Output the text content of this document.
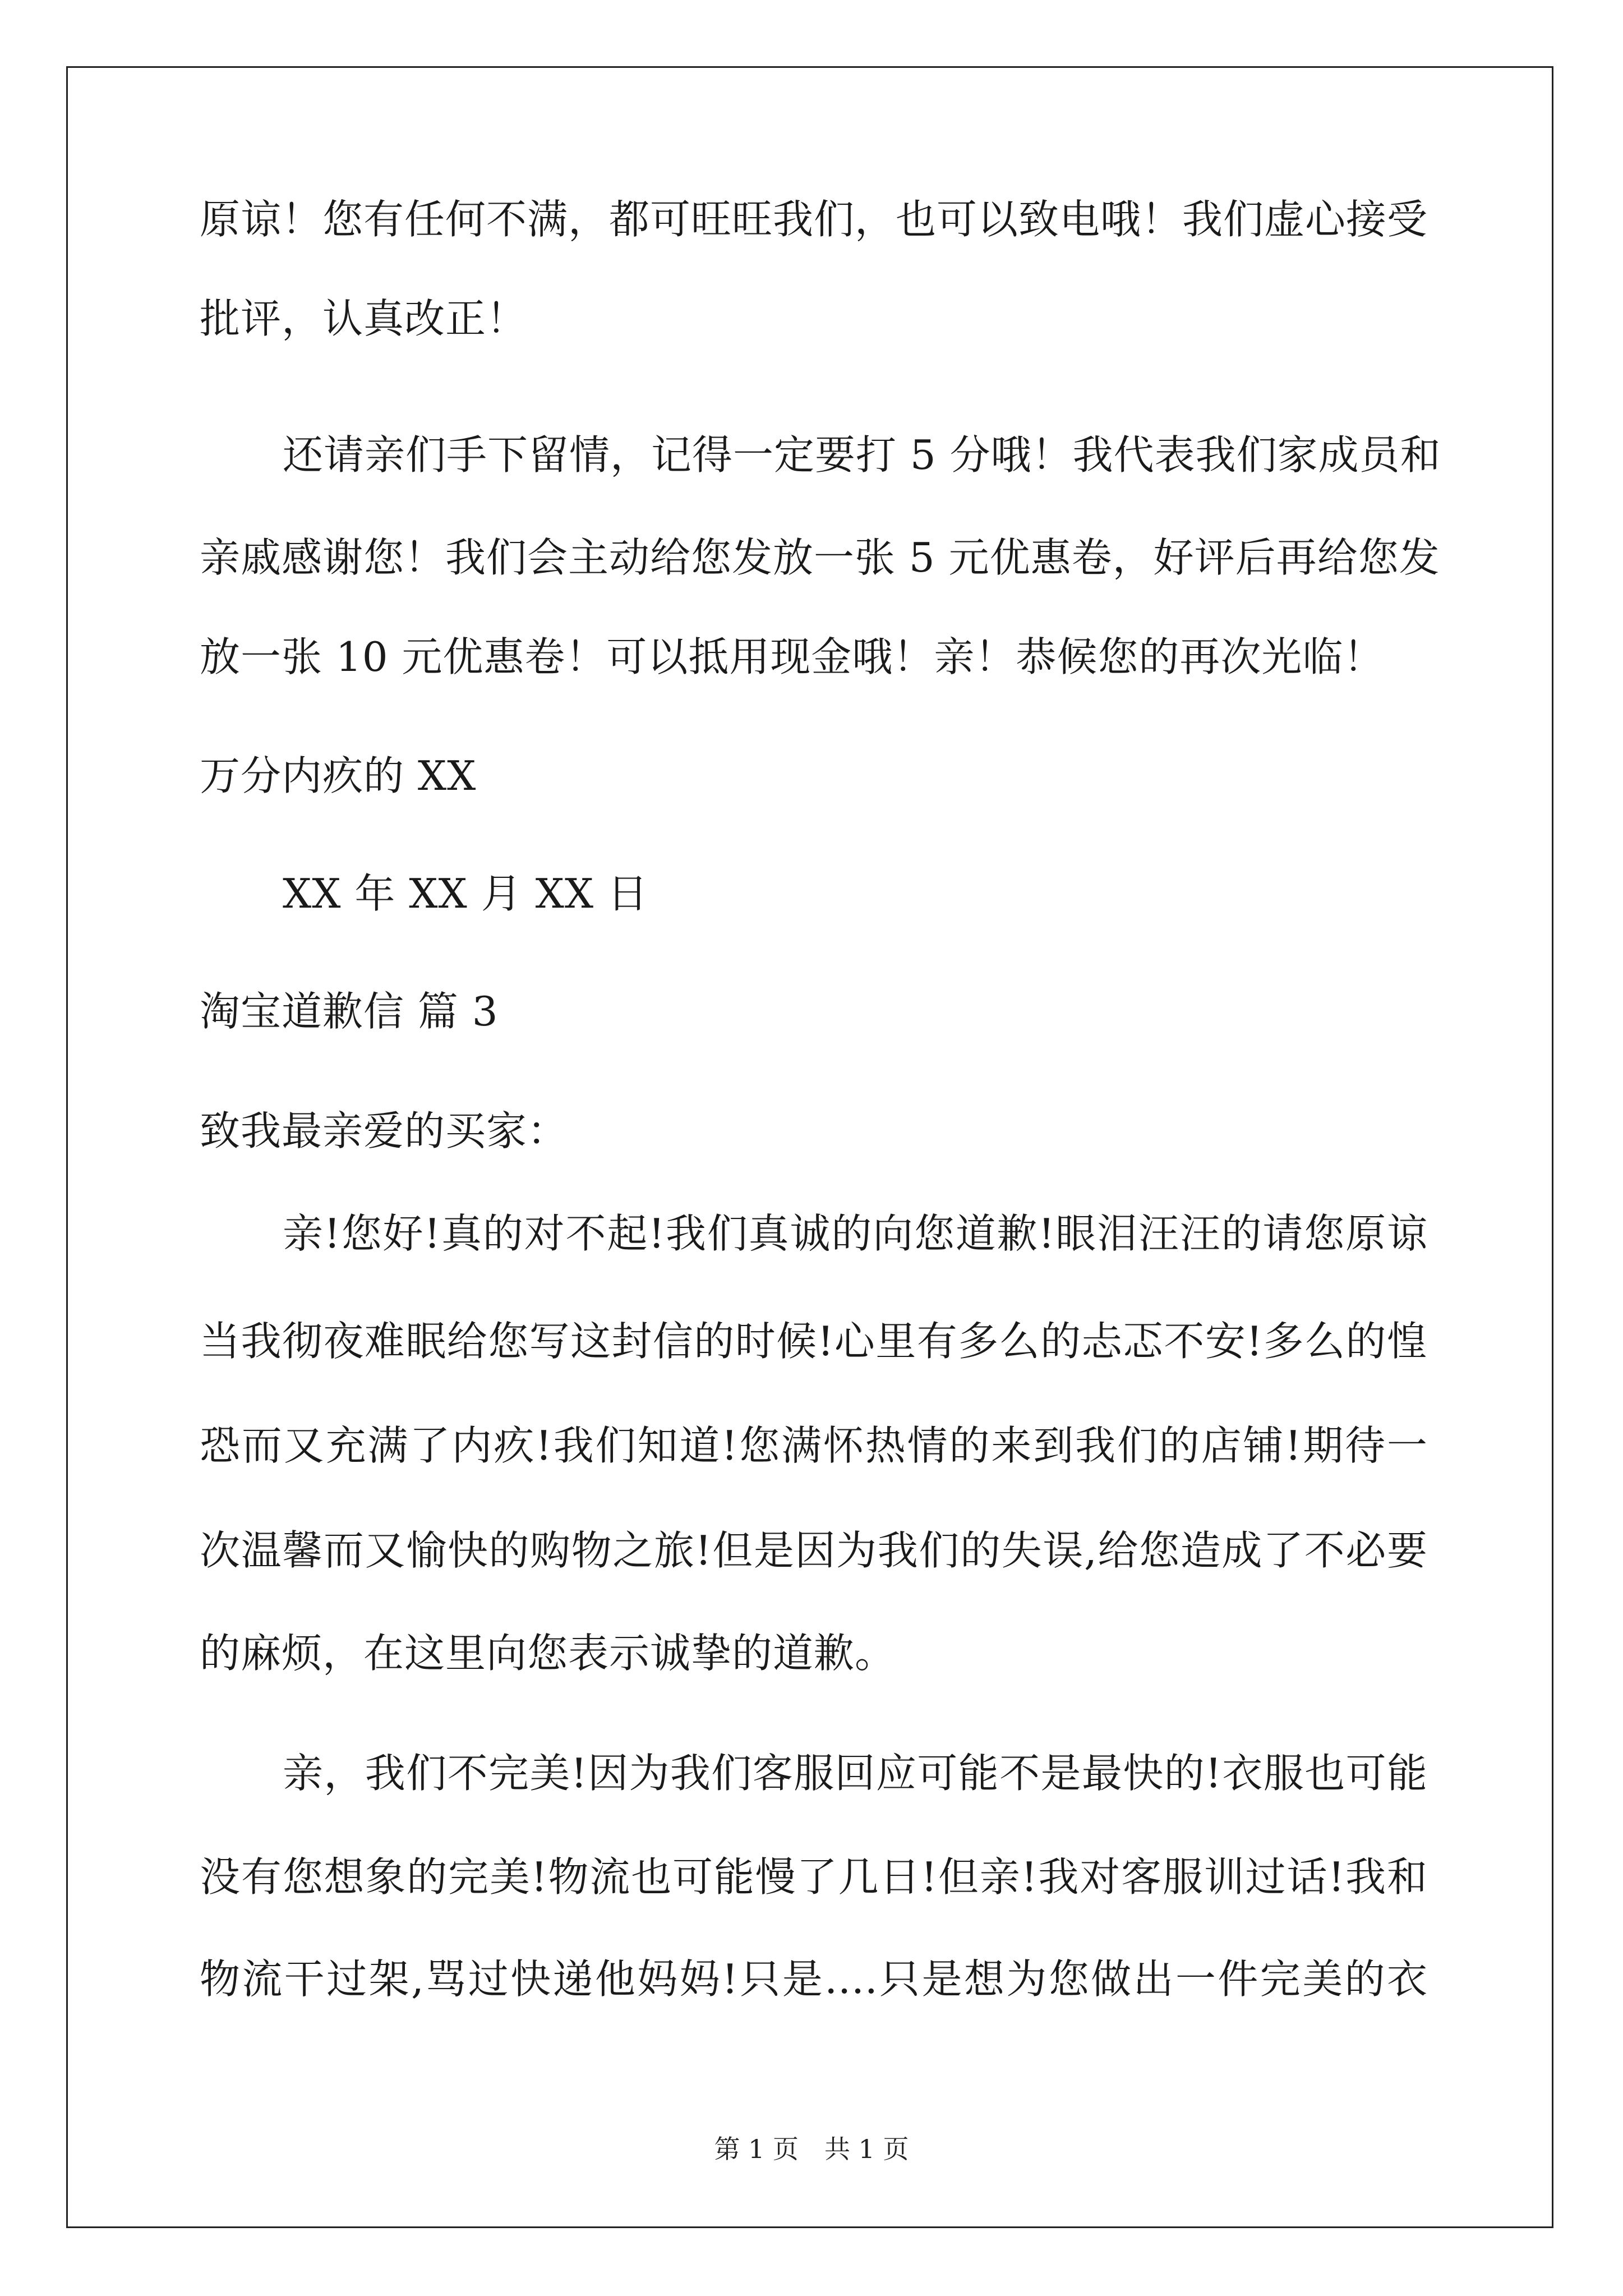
原谅！您有任何不满，都可旺旺我们，也可以致电哦！我们虚心接受
批评，认真改正！
还请亲们手下留情，记得一定要打 5 分哦！我代表我们家成员和
亲戚感谢您！我们会主动给您发放一张 5 元优惠卷，好评后再给您发
放一张 10 元优惠卷！可以抵用现金哦！亲！恭候您的再次光临！
万分内疚的 XX
XX 年 XX 月 XX 日
淘宝道歉信 篇 3
致我最亲爱的买家：
亲!您好!真的对不起!我们真诚的向您道歉!眼泪汪汪的请您原谅
当我彻夜难眠给您写这封信的时候!心里有多么的忐忑不安!多么的惶
恐而又充满了内疚!我们知道!您满怀热情的来到我们的店铺!期待一
次温馨而又愉快的购物之旅!但是因为我们的失误,给您造成了不必要
的麻烦，在这里向您表示诚挚的道歉。
亲，我们不完美!因为我们客服回应可能不是最快的!衣服也可能
没有您想象的完美!物流也可能慢了几日!但亲!我对客服训过话!我和
物流干过架,骂过快递他妈妈!只是....只是想为您做出一件完美的衣
第 1 页　共 1 页
